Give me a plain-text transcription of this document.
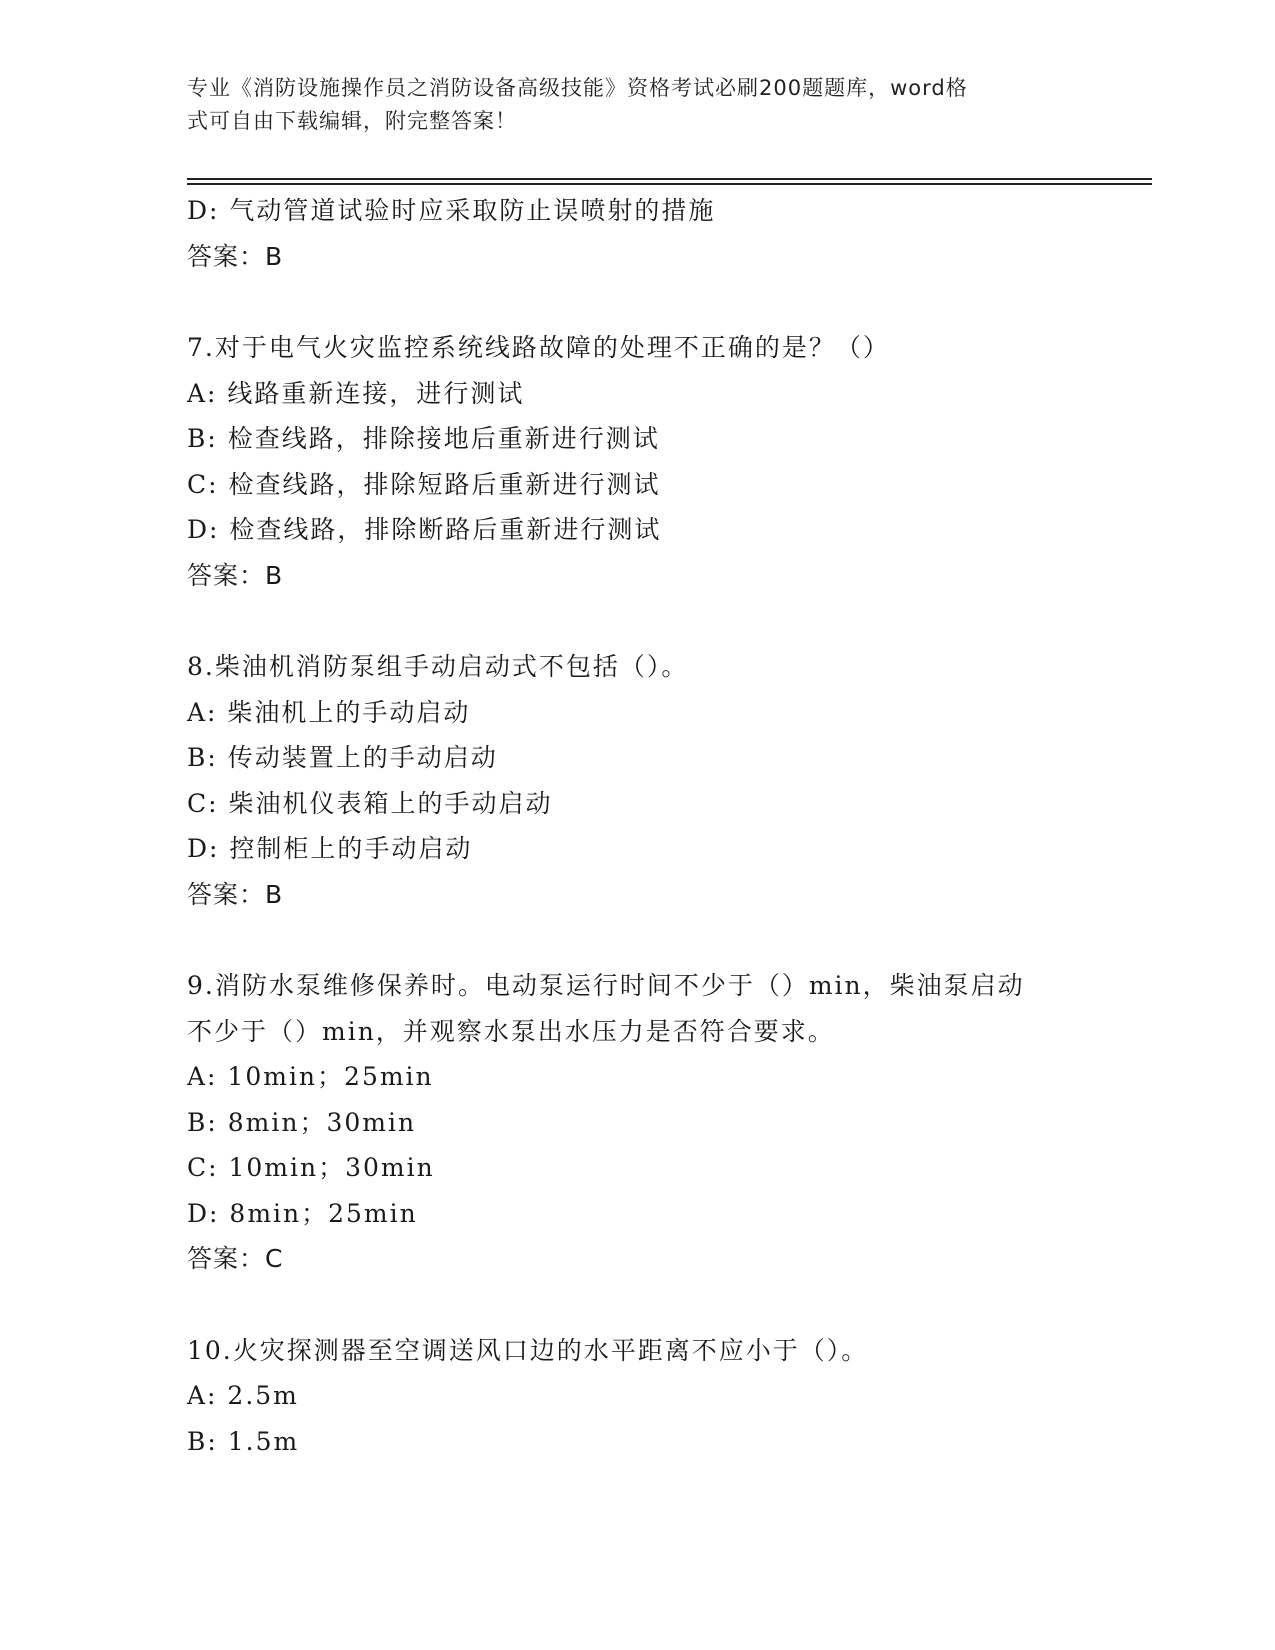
专业《消防设施操作员之消防设备高级技能》资格考试必刷200题题库，word格
式可自由下载编辑，附完整答案！
D: 气动管道试验时应采取防止误喷射的措施
答案：B
7.对于电气火灾监控系统线路故障的处理不正确的是？（）
A: 线路重新连接，进行测试
B: 检查线路，排除接地后重新进行测试
C: 检查线路，排除短路后重新进行测试
D: 检查线路，排除断路后重新进行测试
答案：B
8.柴油机消防泵组手动启动式不包括（）。
A: 柴油机上的手动启动
B: 传动装置上的手动启动
C: 柴油机仪表箱上的手动启动
D: 控制柜上的手动启动
答案：B
9.消防水泵维修保养时。电动泵运行时间不少于（）min，柴油泵启动
不少于（）min，并观察水泵出水压力是否符合要求。
A: 10min；25min
B: 8min；30min
C: 10min；30min
D: 8min；25min
答案：C
10.火灾探测器至空调送风口边的水平距离不应小于（）。
A: 2.5m
B: 1.5m
